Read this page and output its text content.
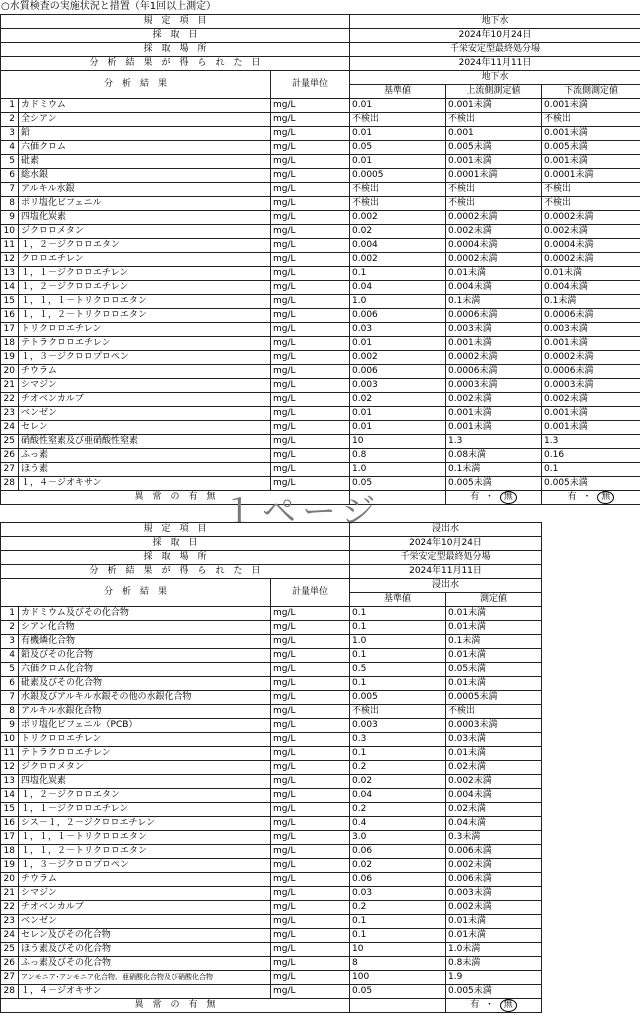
○水質検査の実施状況と措置（年1回以上測定）
規　定　項　目			地下水		
採　取　日			2024年10月24日		
採　取　場　所			千栄安定型最終処分場		
分　析　結　果　が　得　ら　れ　た　日			2024年11月11日		
分　析　結　果		計量単位	地下水		
			基準値	上流側測定値	下流側測定値
1	カドミウム	mg/L	0.01	0.001未満	0.001未満
2	全シアン	mg/L	不検出	不検出	不検出
3	鉛	mg/L	0.01	0.001	0.001未満
4	六価クロム	mg/L	0.05	0.005未満	0.005未満
5	砒素	mg/L	0.01	0.001未満	0.001未満
6	総水銀	mg/L	0.0005	0.0001未満	0.0001未満
7	アルキル水銀	mg/L	不検出	不検出	不検出
8	ポリ塩化ビフェニル	mg/L	不検出	不検出	不検出
9	四塩化炭素	mg/L	0.002	0.0002未満	0.0002未満
10	ジクロロメタン	mg/L	0.02	0.002未満	0.002未満
11	１，２－ジクロロエタン	mg/L	0.004	0.0004未満	0.0004未満
12	クロロエチレン	mg/L	0.002	0.0002未満	0.0002未満
13	１，１－ジクロロエチレン	mg/L	0.1	0.01未満	0.01未満
14	１，２－ジクロロエチレン	mg/L	0.04	0.004未満	0.004未満
15	１，１，１－トリクロロエタン	mg/L	1.0	0.1未満	0.1未満
16	１，１，２－トリクロロエタン	mg/L	0.006	0.0006未満	0.0006未満
17	トリクロロエチレン	mg/L	0.03	0.003未満	0.003未満
18	テトラクロロエチレン	mg/L	0.01	0.001未満	0.001未満
19	１，３－ジクロロプロペン	mg/L	0.002	0.0002未満	0.0002未満
20	チウラム	mg/L	0.006	0.0006未満	0.0006未満
21	シマジン	mg/L	0.003	0.0003未満	0.0003未満
22	チオベンカルブ	mg/L	0.02	0.002未満	0.002未満
23	ベンゼン	mg/L	0.01	0.001未満	0.001未満
24	セレン	mg/L	0.01	0.001未満	0.001未満
25	硝酸性窒素及び亜硝酸性窒素	mg/L	10	1.3	1.3
26	ふっ素	mg/L	0.8	0.08未満	0.16
27	ほう素	mg/L	1.0	0.1未満	0.1
28	１，４－ジオキサン	mg/L	0.05	0.005未満	0.005未満
異　常　の　有　無				有 ・ 無	有 ・ 無
１ページ
規　定　項　目			浸出水	
採　取　日			2024年10月24日	
採　取　場　所			千栄安定型最終処分場	
分　析　結　果　が　得　ら　れ　た　日			2024年11月11日	
分　析　結　果		計量単位	浸出水	
			基準値	測定値
1	カドミウム及びその化合物	mg/L	0.1	0.01未満
2	シアン化合物	mg/L	0.1	0.01未満
3	有機燐化合物	mg/L	1.0	0.1未満
4	鉛及びその化合物	mg/L	0.1	0.01未満
5	六価クロム化合物	mg/L	0.5	0.05未満
6	砒素及びその化合物	mg/L	0.1	0.01未満
7	水銀及びアルキル水銀その他の水銀化合物	mg/L	0.005	0.0005未満
8	アルキル水銀化合物	mg/L	不検出	不検出
9	ポリ塩化ビフェニル（PCB）	mg/L	0.003	0.0003未満
10	トリクロロエチレン	mg/L	0.3	0.03未満
11	テトラクロロエチレン	mg/L	0.1	0.01未満
12	ジクロロメタン	mg/L	0.2	0.02未満
13	四塩化炭素	mg/L	0.02	0.002未満
14	１，２－ジクロロエタン	mg/L	0.04	0.004未満
15	１，１－ジクロロエチレン	mg/L	0.2	0.02未満
16	シス－１，２－ジクロロエチレン	mg/L	0.4	0.04未満
17	１，１，１－トリクロロエタン	mg/L	3.0	0.3未満
18	１，１，２－トリクロロエタン	mg/L	0.06	0.006未満
19	１，３－ジクロロプロペン	mg/L	0.02	0.002未満
20	チウラム	mg/L	0.06	0.006未満
21	シマジン	mg/L	0.03	0.003未満
22	チオベンカルブ	mg/L	0.2	0.002未満
23	ベンゼン	mg/L	0.1	0.01未満
24	セレン及びその化合物	mg/L	0.1	0.01未満
25	ほう素及びその化合物	mg/L	10	1.0未満
26	ふっ素及びその化合物	mg/L	8	0.8未満
27	アンモニア･アンモニア化合物、亜硝酸化合物及び硝酸化合物	mg/L	100	1.9
28	１，４－ジオキサン	mg/L	0.05	0.005未満
異　常　の　有　無				有 ・ 無
